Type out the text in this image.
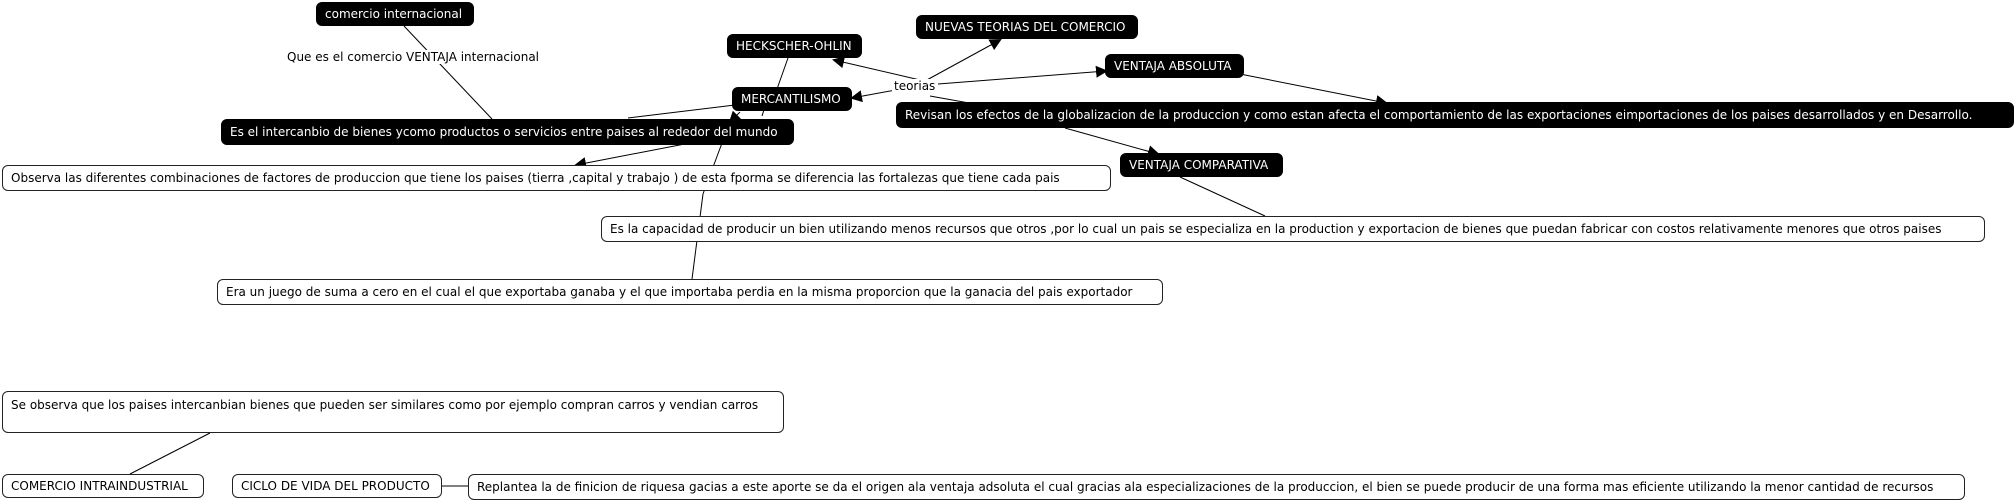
comercio internacional
Que es el comercio VENTAJA internacional
HECKSCHER-OHLIN
NUEVAS TEORIAS DEL COMERCIO
VENTAJA ABSOLUTA
teorias
MERCANTILISMO
Revisan los efectos de la globalizacion de la produccion y como estan afecta el comportamiento de las exportaciones eimportaciones de los paises desarrollados y en Desarrollo.
Es el intercanbio de bienes ycomo productos o servicios entre paises al rededor del mundo
VENTAJA COMPARATIVA
Observa las diferentes combinaciones de factores de produccion que tiene los paises (tierra ,capital y trabajo ) de esta fporma se diferencia las fortalezas que tiene cada pais
Es la capacidad de producir un bien utilizando menos recursos que otros ,por lo cual un pais se especializa en la production y exportacion de bienes que puedan fabricar con costos relativamente menores que otros paises
Era un juego de suma a cero en el cual el que exportaba ganaba y el que importaba perdia en la misma proporcion que la ganacia del pais exportador
Se observa que los paises intercanbian bienes que pueden ser similares como por ejemplo compran carros y vendian carros
COMERCIO INTRAINDUSTRIAL	CICLO DE VIDA DEL PRODUCTO	Replantea la de finicion de riquesa gacias a este aporte se da el origen ala ventaja adsoluta el cual gracias ala especializaciones de la produccion, el bien se puede producir de una forma mas eficiente utilizando la menor cantidad de recursos
